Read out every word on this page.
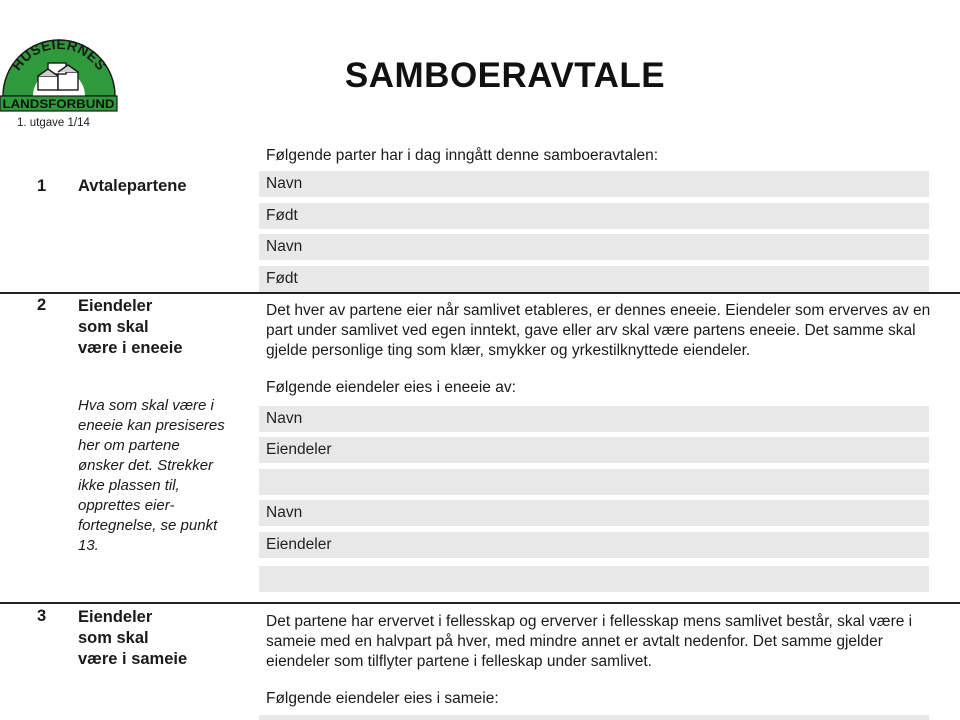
HUSEIERNES
LANDSFORBUND
1. utgave 1/14
SAMBOERAVTALE
Følgende parter har i dag inngått denne samboeravtalen:
1 Avtalepartene	Navn
Født
Navn
Født
2 Eiendeler
som skal
være i eneeie

Det hver av partene eier når samlivet etableres, er dennes eneeie. Eiendeler som erverves av en part under samlivet ved egen inntekt, gave eller arv skal være partens eneeie. Det samme skal gjelde personlige ting som klær, smykker og yrkestilknyttede eiendeler.

Følgende eiendeler eies i eneeie av:

Hva som skal være i eneeie kan presiseres her om partene ønsker det. Strekker ikke plassen til, opprettes eier-fortegnelse, se punkt 13.

Navn
Eiendeler
Navn
Eiendeler
3 Eiendeler
som skal
være i sameie

Det partene har ervervet i fellesskap og erverver i fellesskap mens samlivet består, skal være i sameie med en halvpart på hver, med mindre annet er avtalt nedenfor. Det samme gjelder eiendeler som tilflyter partene i felleskap under samlivet.

Følgende eiendeler eies i sameie:
